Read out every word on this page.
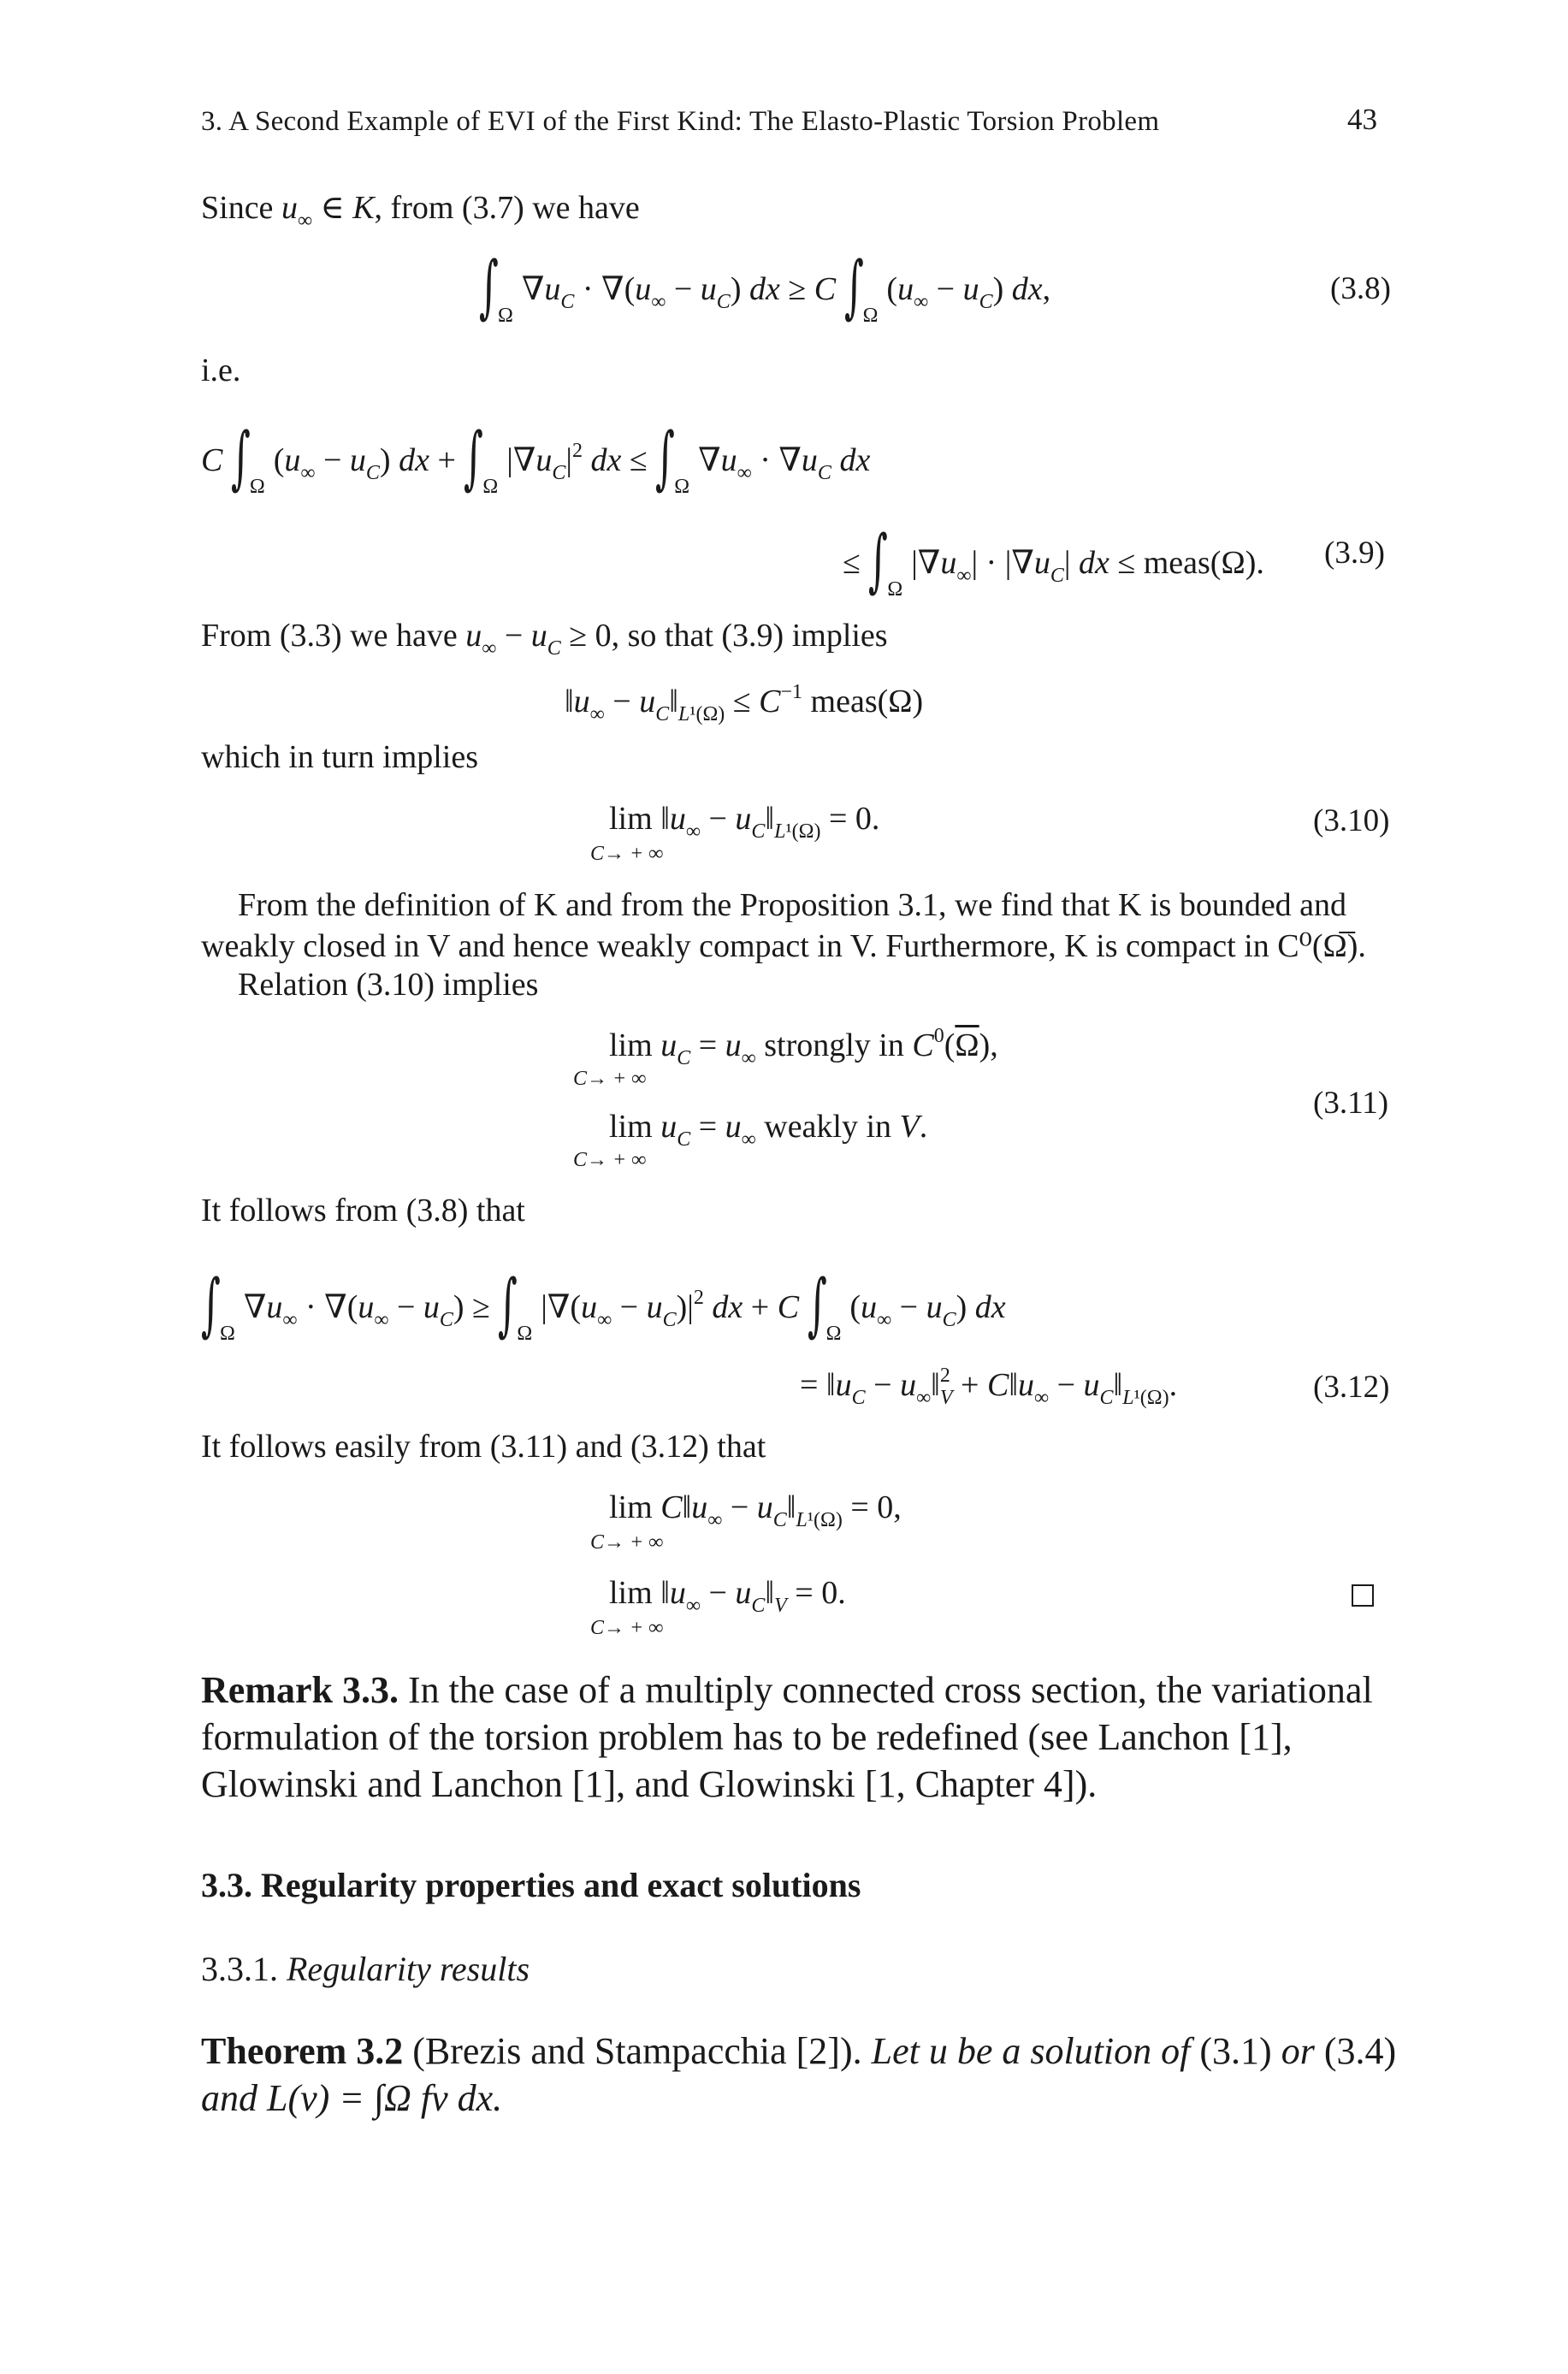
3. A Second Example of EVI of the First Kind: The Elasto-Plastic Torsion Problem	43
Since $u_\infty$ ∈ K, from (3.7) we have
$\int_\Omega\nabla u_C \cdot \nabla(u_\infty - u_C)$ dx ≥ C $\int_\Omega(u_\infty - u_C)$ dx,	(3.8)
i.e.
C $\int_\Omega(u_\infty - u_C)$ dx + $\int_\Omega|\nabla u_C|^2$ dx ≤ $\int_\Omega\nabla u_\infty \cdot \nabla u_C$ dx
≤ $\int_\Omega|\nabla u_\infty| \cdot |\nabla u_C|$ dx ≤ meas(Ω). (3.9)
From (3.3) we have $u_\infty - u_C \ge 0$, so that (3.9) implies
$‖u_\infty$ − $u_C‖_{L^1(\Omega)} \le C^{-1}$ meas(Ω)
which in turn implies
$\lim ‖u_\infty$ − $u_C‖_{L^1(\Omega)} = 0$.
C→ + ∞
(3.10)
From the definition of K and from the Proposition 3.1, we find that K is bounded and
weakly closed in V and hence weakly compact in V. Furthermore, K is compact in C⁰(Ω̅).
Relation (3.10) implies
$\lim u_C = u_\infty$ strongly in $C^0(\overline{\Omega})$,
C→ + ∞
$\lim u_C = u_\infty$ weakly in V.
C→ + ∞
(3.11)
It follows from (3.8) that
$\int_\Omega\nabla u_\infty \cdot \nabla(u_\infty - u_C) \ge \int_\Omega|\nabla(u_\infty - u_C)|^2$ dx + C $\int_\Omega(u_\infty - u_C)$ dx
= $‖u_C$ − $u_\infty‖^2_V$ + $C‖u_\infty$ − $u_C‖_{L^1(\Omega)}$.	(3.12)
It follows easily from (3.11) and (3.12) that
$\lim C‖u_\infty$ − $u_C‖_{L^1(\Omega)} = 0$,
C→ + ∞
$\lim ‖u_\infty$ − $u_C‖_V = 0$.
C→ + ∞
Remark 3.3. In the case of a multiply connected cross section, the variational
formulation of the torsion problem has to be redefined (see Lanchon [1],
Glowinski and Lanchon [1], and Glowinski [1, Chapter 4]).
3.3. Regularity properties and exact solutions
3.3.1. Regularity results
Theorem 3.2 (Brezis and Stampacchia [2]). Let u be a solution of (3.1) or (3.4)
and L(v) = ∫Ω fv dx.
